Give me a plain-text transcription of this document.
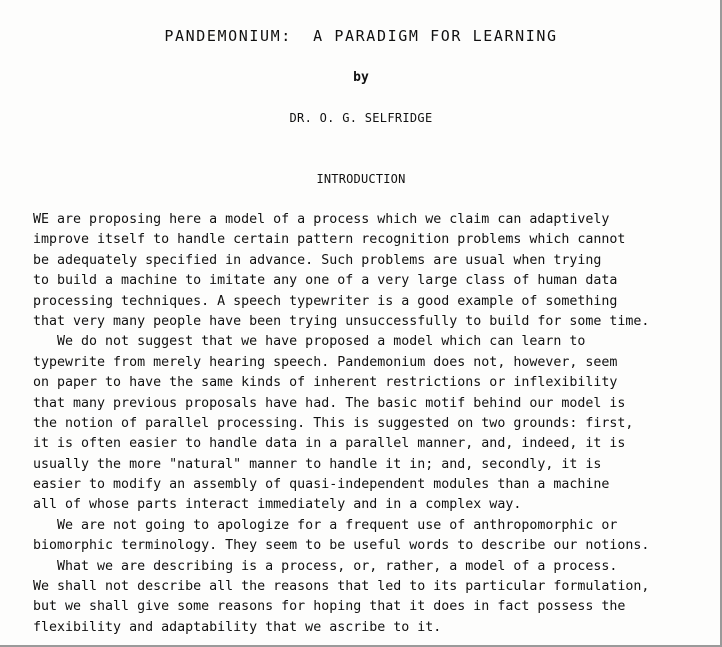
PANDEMONIUM:  A PARADIGM FOR LEARNING
by
DR. O. G. SELFRIDGE
INTRODUCTION
WE are proposing here a model of a process which we claim can adaptively
improve itself to handle certain pattern recognition problems which cannot
be adequately specified in advance. Such problems are usual when trying
to build a machine to imitate any one of a very large class of human data
processing techniques. A speech typewriter is a good example of something
that very many people have been trying unsuccessfully to build for some time.
We do not suggest that we have proposed a model which can learn to
typewrite from merely hearing speech. Pandemonium does not, however, seem
on paper to have the same kinds of inherent restrictions or inflexibility
that many previous proposals have had. The basic motif behind our model is
the notion of parallel processing. This is suggested on two grounds: first,
it is often easier to handle data in a parallel manner, and, indeed, it is
usually the more "natural" manner to handle it in; and, secondly, it is
easier to modify an assembly of quasi-independent modules than a machine
all of whose parts interact immediately and in a complex way.
We are not going to apologize for a frequent use of anthropomorphic or
biomorphic terminology. They seem to be useful words to describe our notions.
What we are describing is a process, or, rather, a model of a process.
We shall not describe all the reasons that led to its particular formulation,
but we shall give some reasons for hoping that it does in fact possess the
flexibility and adaptability that we ascribe to it.
